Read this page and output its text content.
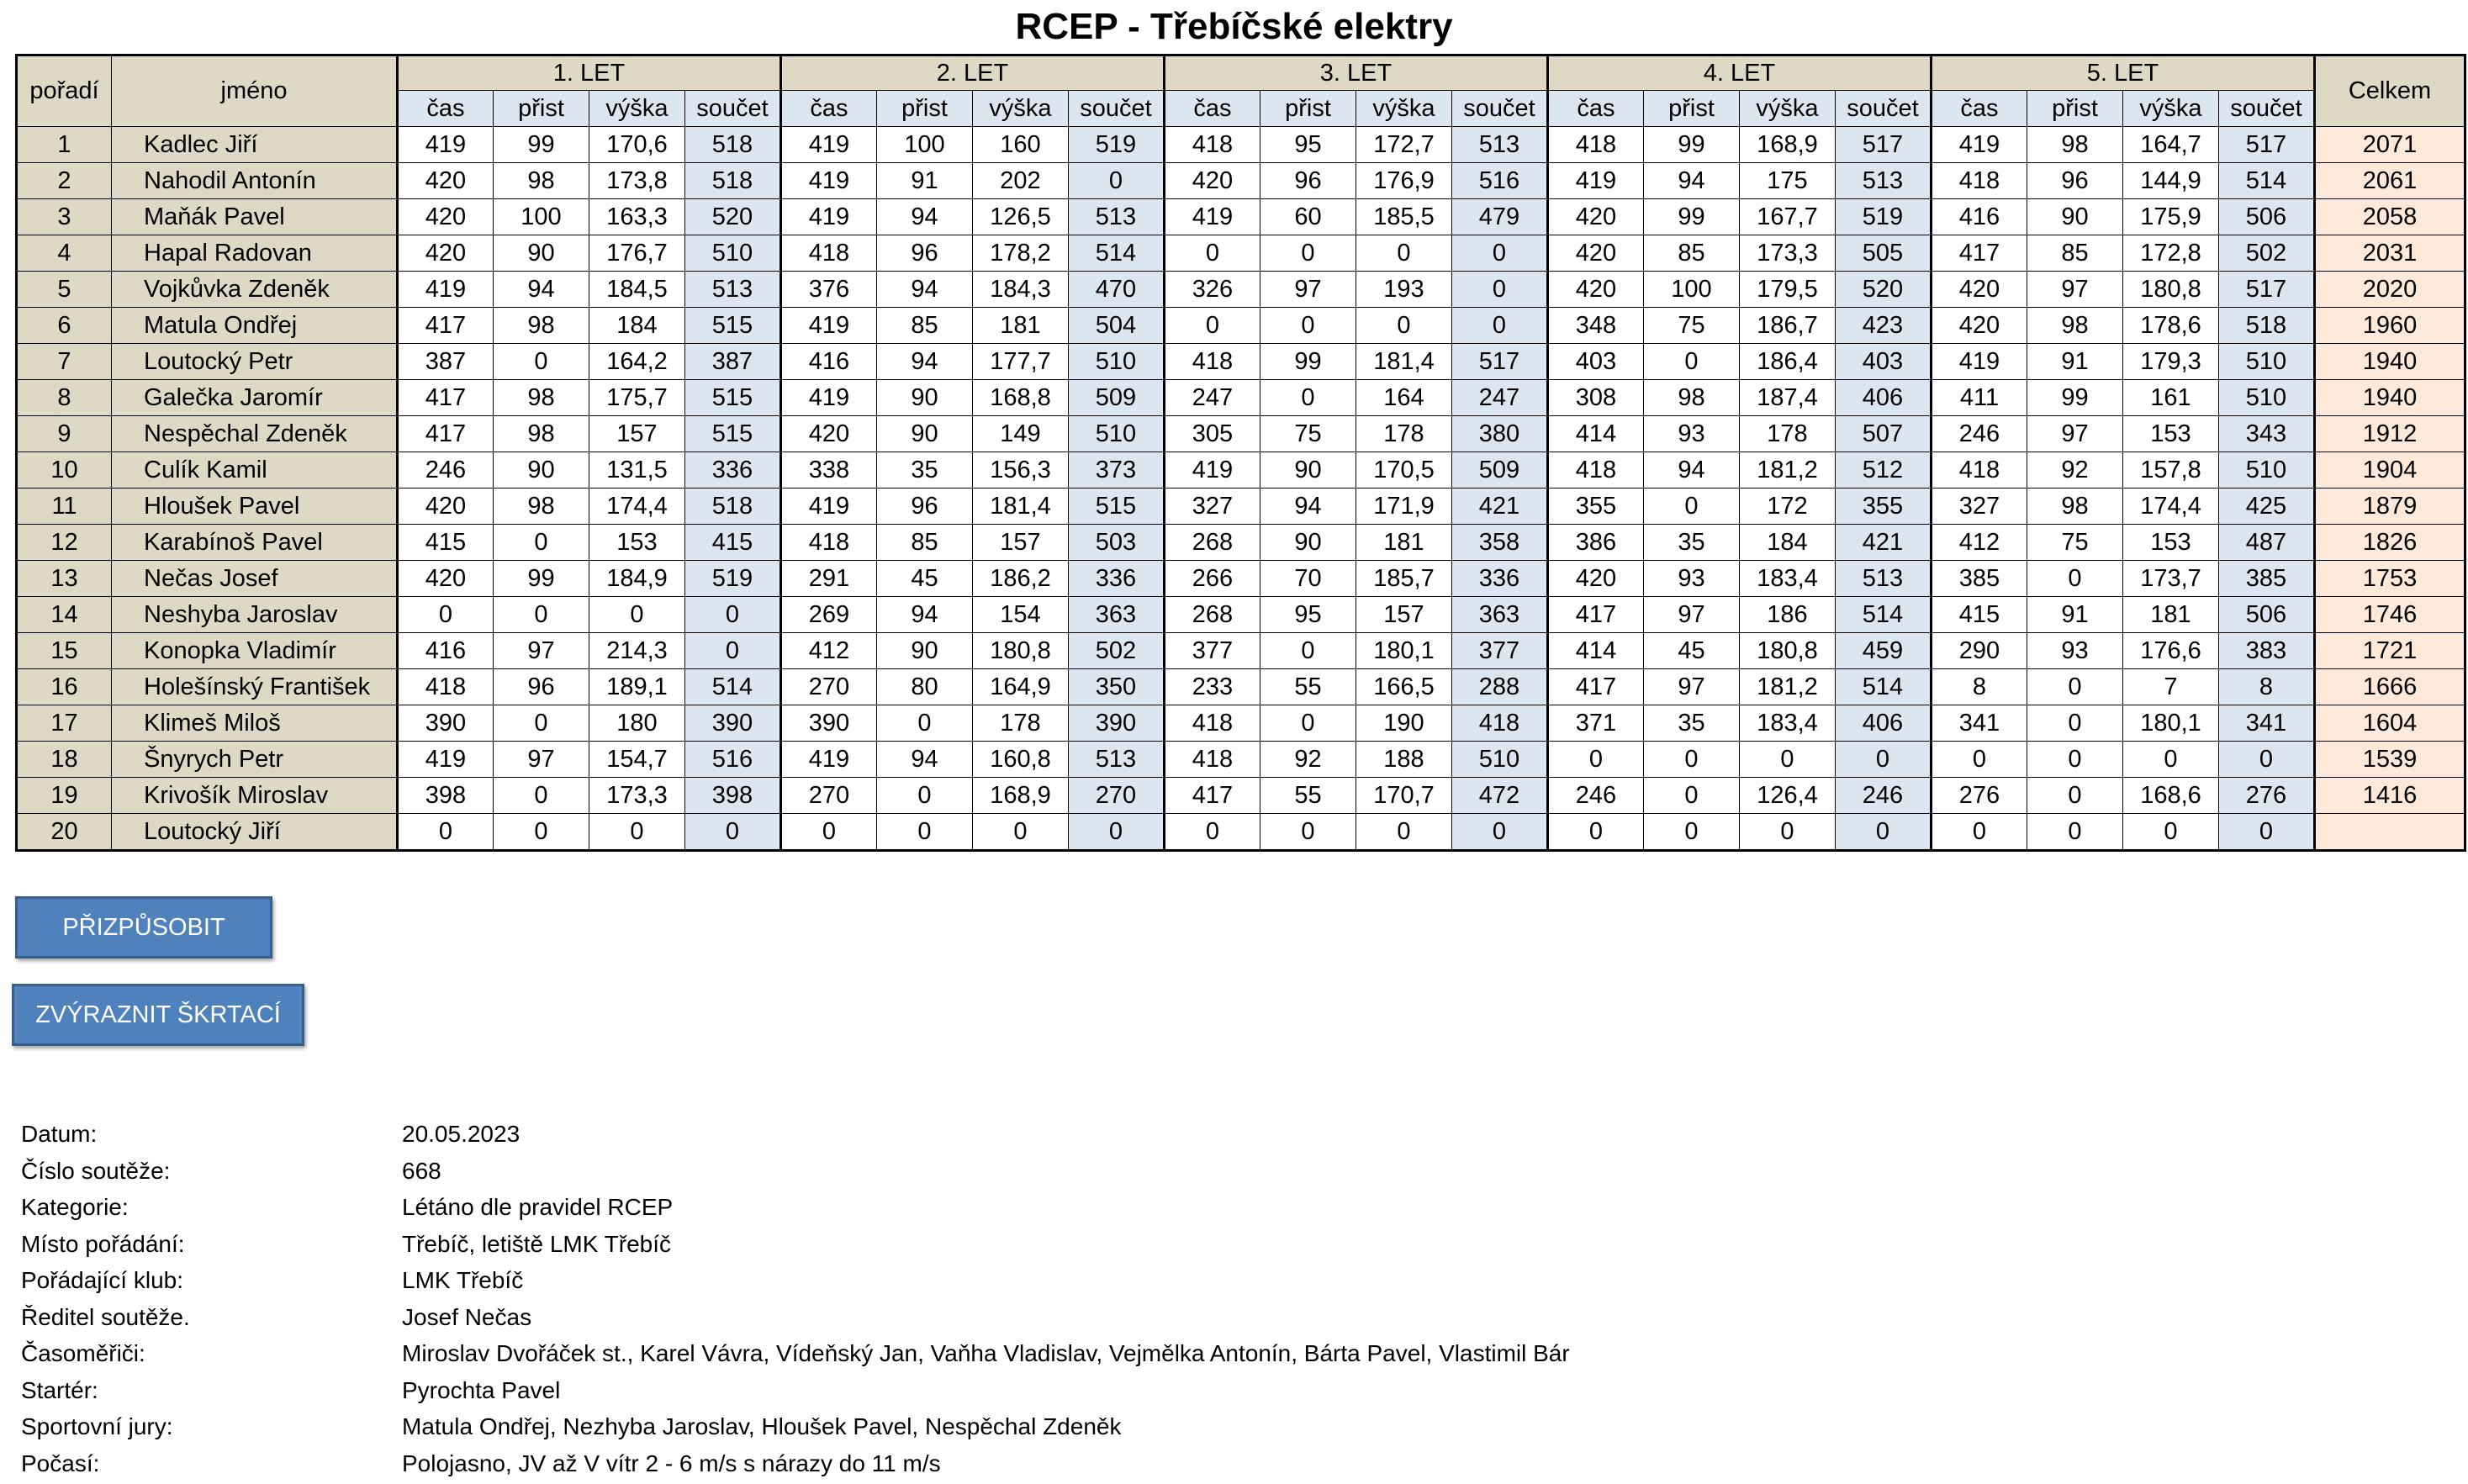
RCEP - Třebíčské elektry
pořadí	jméno	1. LET				2. LET				3. LET				4. LET				5. LET				Celkem
		čas	přist	výška	součet	čas	přist	výška	součet	čas	přist	výška	součet	čas	přist	výška	součet	čas	přist	výška	součet	
1	Kadlec Jiří	419	99	170,6	518	419	100	160	519	418	95	172,7	513	418	99	168,9	517	419	98	164,7	517	2071
2	Nahodil Antonín	420	98	173,8	518	419	91	202	0	420	96	176,9	516	419	94	175	513	418	96	144,9	514	2061
3	Maňák Pavel	420	100	163,3	520	419	94	126,5	513	419	60	185,5	479	420	99	167,7	519	416	90	175,9	506	2058
4	Hapal Radovan	420	90	176,7	510	418	96	178,2	514	0	0	0	0	420	85	173,3	505	417	85	172,8	502	2031
5	Vojkůvka Zdeněk	419	94	184,5	513	376	94	184,3	470	326	97	193	0	420	100	179,5	520	420	97	180,8	517	2020
6	Matula Ondřej	417	98	184	515	419	85	181	504	0	0	0	0	348	75	186,7	423	420	98	178,6	518	1960
7	Loutocký Petr	387	0	164,2	387	416	94	177,7	510	418	99	181,4	517	403	0	186,4	403	419	91	179,3	510	1940
8	Galečka Jaromír	417	98	175,7	515	419	90	168,8	509	247	0	164	247	308	98	187,4	406	411	99	161	510	1940
9	Nespěchal Zdeněk	417	98	157	515	420	90	149	510	305	75	178	380	414	93	178	507	246	97	153	343	1912
10	Culík Kamil	246	90	131,5	336	338	35	156,3	373	419	90	170,5	509	418	94	181,2	512	418	92	157,8	510	1904
11	Hloušek Pavel	420	98	174,4	518	419	96	181,4	515	327	94	171,9	421	355	0	172	355	327	98	174,4	425	1879
12	Karabínoš Pavel	415	0	153	415	418	85	157	503	268	90	181	358	386	35	184	421	412	75	153	487	1826
13	Nečas Josef	420	99	184,9	519	291	45	186,2	336	266	70	185,7	336	420	93	183,4	513	385	0	173,7	385	1753
14	Neshyba Jaroslav	0	0	0	0	269	94	154	363	268	95	157	363	417	97	186	514	415	91	181	506	1746
15	Konopka Vladimír	416	97	214,3	0	412	90	180,8	502	377	0	180,1	377	414	45	180,8	459	290	93	176,6	383	1721
16	Holešínský František	418	96	189,1	514	270	80	164,9	350	233	55	166,5	288	417	97	181,2	514	8	0	7	8	1666
17	Klimeš Miloš	390	0	180	390	390	0	178	390	418	0	190	418	371	35	183,4	406	341	0	180,1	341	1604
18	Šnyrych Petr	419	97	154,7	516	419	94	160,8	513	418	92	188	510	0	0	0	0	0	0	0	0	1539
19	Krivošík Miroslav	398	0	173,3	398	270	0	168,9	270	417	55	170,7	472	246	0	126,4	246	276	0	168,6	276	1416
20	Loutocký Jiří	0	0	0	0	0	0	0	0	0	0	0	0	0	0	0	0	0	0	0	0	
PŘIZPŮSOBIT
ZVÝRAZNIT ŠKRTACÍ
Datum:	20.05.2023
Číslo soutěže:	668
Kategorie:	Létáno dle pravidel RCEP
Místo pořádání:	Třebíč, letiště LMK Třebíč
Pořádající klub:	LMK Třebíč
Ředitel soutěže.	Josef Nečas
Časoměřiči:	Miroslav Dvořáček st., Karel Vávra, Vídeňský Jan, Vaňha Vladislav, Vejmělka Antonín, Bárta Pavel, Vlastimil Bár
Startér:	Pyrochta Pavel
Sportovní jury:	Matula Ondřej, Nezhyba Jaroslav, Hloušek Pavel, Nespěchal Zdeněk
Počasí:	Polojasno, JV až V vítr 2 - 6 m/s s nárazy do 11 m/s
